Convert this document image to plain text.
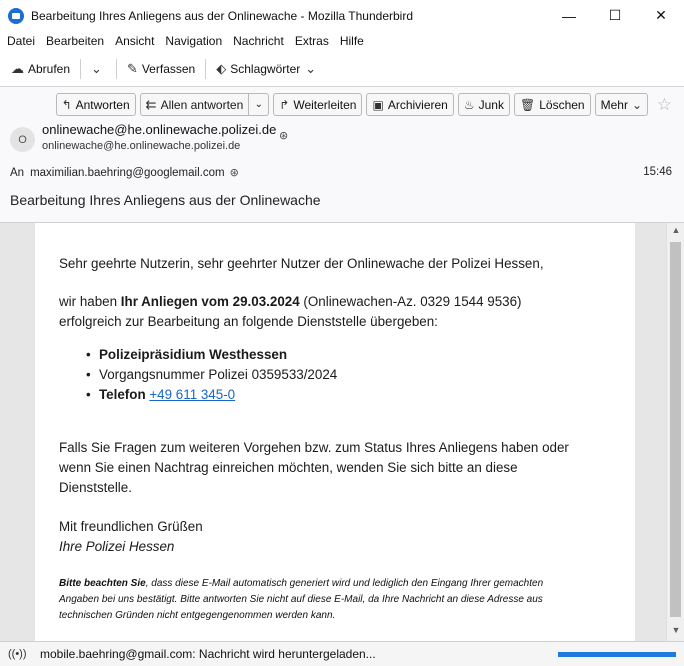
Bearbeitung Ihres Anliegens aus der Onlinewache - Mozilla Thunderbird	—	☐	✕
Datei Bearbeiten Ansicht Navigation Nachricht Extras Hilfe
☁ Abrufen ⌄ ✎ Verfassen ⬖ Schlagwörter ⌄
↰ Antworten ⇇ Allen antworten ⌄ ↱ Weiterleiten ▣ Archivieren ♨ Junk 🗑 Löschen Mehr ⌄ ☆
O
onlinewache@he.onlinewache.polizei.de ⊛
onlinewache@he.onlinewache.polizei.de
An maximilian.baehring@googlemail.com ⊛	15:46
Bearbeitung Ihres Anliegens aus der Onlinewache
Sehr geehrte Nutzerin, sehr geehrter Nutzer der Onlinewache der Polizei Hessen,
wir haben Ihr Anliegen vom 29.03.2024 (Onlinewachen-Az. 0329 1544 9536)
erfolgreich zur Bearbeitung an folgende Dienststelle übergeben:
• Polizeipräsidium Westhessen
• Vorgangsnummer Polizei 0359533/2024
• Telefon +49 611 345-0
Falls Sie Fragen zum weiteren Vorgehen bzw. zum Status Ihres Anliegens haben oder
wenn Sie einen Nachtrag einreichen möchten, wenden Sie sich bitte an diese
Dienststelle.
Mit freundlichen Grüßen
Ihre Polizei Hessen
Bitte beachten Sie, dass diese E-Mail automatisch generiert wird und lediglich den Eingang Ihrer gemachten
Angaben bei uns bestätigt. Bitte antworten Sie nicht auf diese E-Mail, da Ihre Nachricht an diese Adresse aus
technischen Gründen nicht entgegengenommen werden kann.
▲
▼
((•)) mobile.baehring@gmail.com: Nachricht wird heruntergeladen...
